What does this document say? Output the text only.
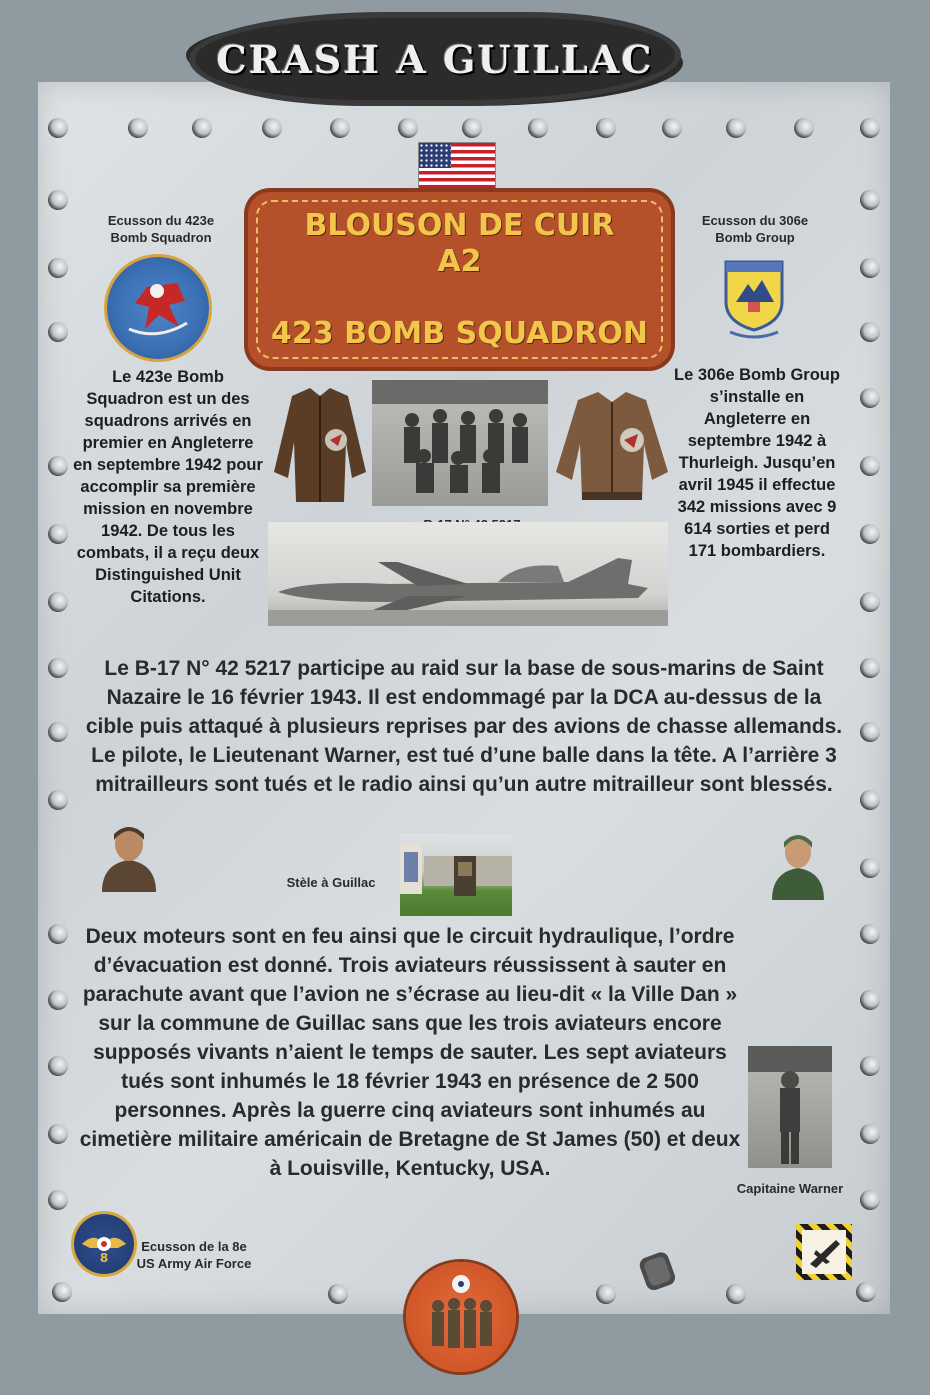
CRASH A GUILLAC
BLOUSON DE CUIR
A2
423 BOMB SQUADRON
Ecusson du 423e Bomb Squadron
Ecusson du 306e Bomb Group
Le 423e Bomb Squadron est un des squadrons arrivés en premier en Angleterre en septembre 1942 pour accomplir sa première mission en novembre 1942. De tous les combats, il a reçu deux Distinguished Unit Citations.
Le 306e Bomb Group s’installe en Angleterre en septembre 1942 à Thurleigh. Jusqu’en avril 1945 il effectue 342 missions avec 9 614 sorties et perd 171 bombardiers.
Le B-17 N° 42 5217 participe au raid sur la base de sous-marins de Saint Nazaire le 16 février 1943. Il est endommagé par la DCA au-dessus de la cible puis attaqué à plusieurs reprises par des avions de chasse allemands. Le pilote, le Lieutenant Warner, est tué d’une balle dans la tête. A l’arrière 3 mitrailleurs sont tués et le radio ainsi qu’un autre mitrailleur sont blessés.
Stèle à Guillac
Deux moteurs sont en feu ainsi que le circuit hydraulique, l’ordre d’évacuation est donné. Trois aviateurs réussissent à sauter en parachute avant que l’avion ne s’écrase au lieu-dit « la Ville Dan » sur la commune de Guillac sans que les trois aviateurs encore supposés vivants n’aient le temps de sauter. Les sept aviateurs tués sont inhumés le 18 février 1943 en présence de 2 500 personnes. Après la guerre cinq aviateurs sont inhumés au cimetière militaire américain de Bretagne de St James (50) et deux à Louisville, Kentucky, USA.
Capitaine Warner
8
Ecusson de la 8e US Army Air Force
